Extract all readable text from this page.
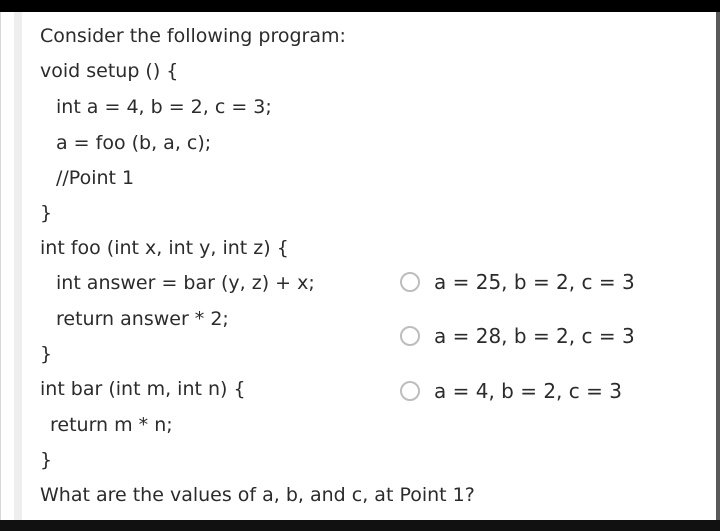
Consider the following program:
void setup () {
int a = 4, b = 2, c = 3;
a = foo (b, a, c);
//Point 1
}
int foo (int x, int y, int z) {
int answer = bar (y, z) + x;
return answer * 2;
}
int bar (int m, int n) {
return m * n;
}
What are the values of a, b, and c, at Point 1?
a = 25, b = 2, c = 3
a = 28, b = 2, c = 3
a = 4, b = 2, c = 3
